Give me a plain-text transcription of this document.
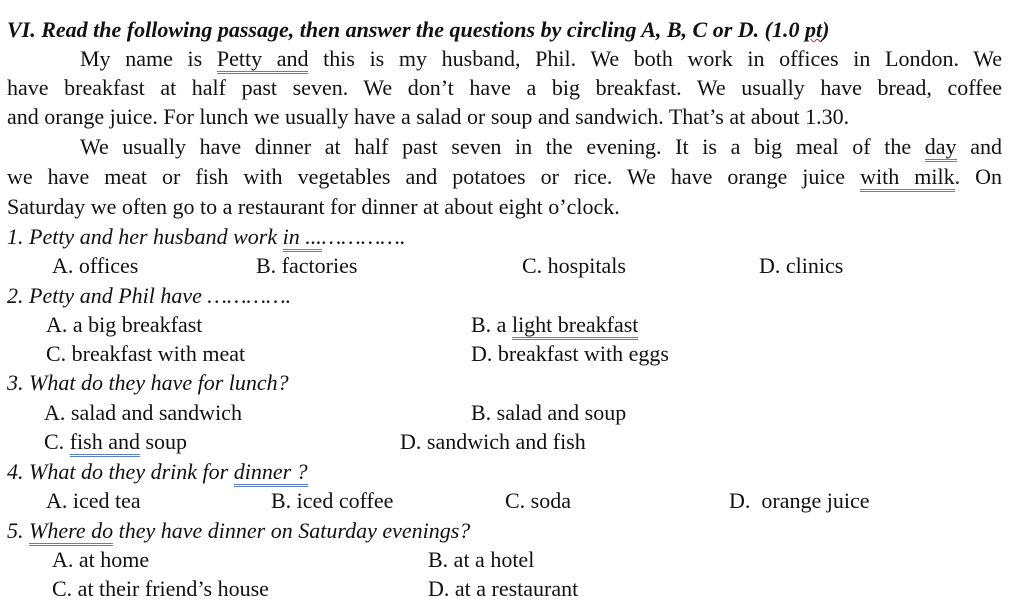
VI. Read the following passage, then answer the questions by circling A, B, C or D. (1.0 pt)
My name is Petty and this is my husband, Phil. We both work in offices in London. We
have breakfast at half past seven. We don’t have a big breakfast. We usually have bread, coffee
and orange juice. For lunch we usually have a salad or soup and sandwich. That’s at about 1.30.
We usually have dinner at half past seven in the evening. It is a big meal of the day and
we have meat or fish with vegetables and potatoes or rice. We have orange juice with milk. On
Saturday we often go to a restaurant for dinner at about eight o’clock.
1. Petty and her husband work in ...………….
A. offices	B. factories	C. hospitals	D. clinics
2. Petty and Phil have ………….
A. a big breakfast	B. a light breakfast
C. breakfast with meat	D. breakfast with eggs
3. What do they have for lunch?
A. salad and sandwich	B. salad and soup
C. fish and soup	D. sandwich and fish
4. What do they drink for dinner ?
A. iced tea	B. iced coffee	C. soda	D.  orange juice
5. Where do they have dinner on Saturday evenings?
A. at home	B. at a hotel
C. at their friend’s house	D. at a restaurant
